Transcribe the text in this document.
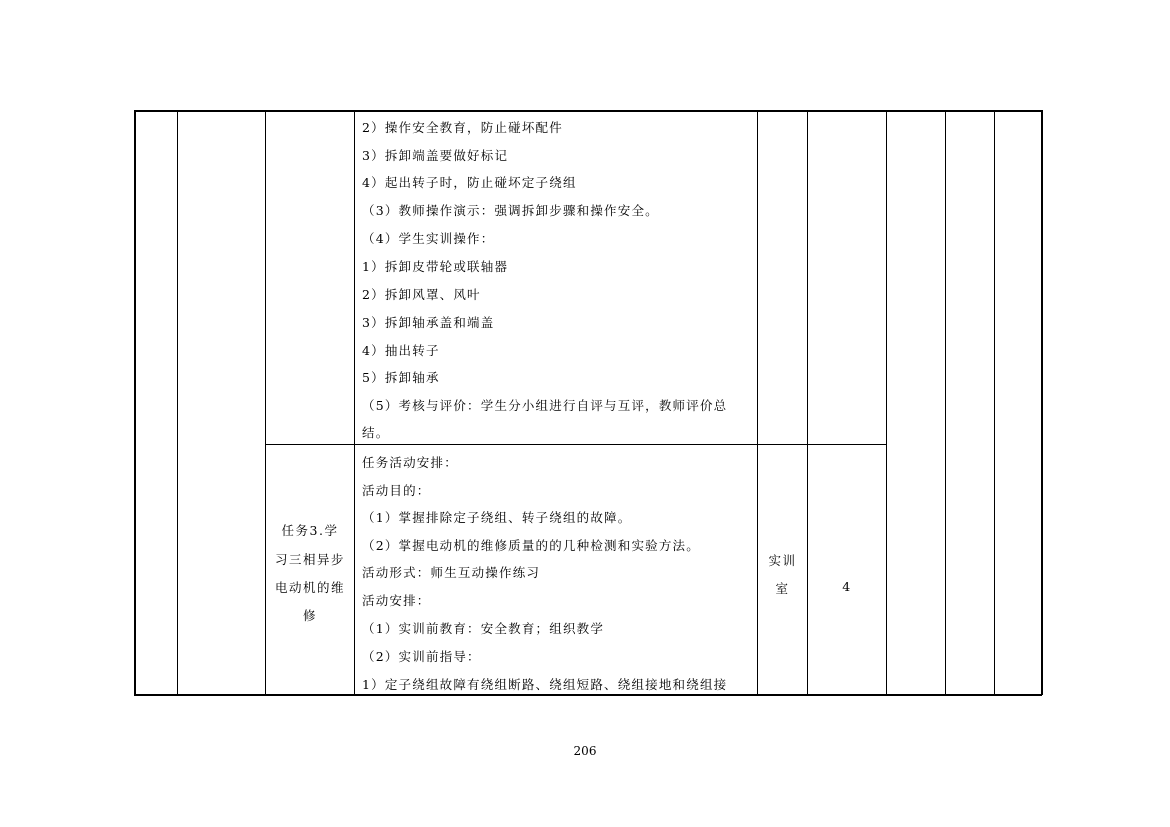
2）操作安全教育，防止碰坏配件
3）拆卸端盖要做好标记
4）起出转子时，防止碰坏定子绕组
（3）教师操作演示：强调拆卸步骤和操作安全。
（4）学生实训操作：
1）拆卸皮带轮或联轴器
2）拆卸风罩、风叶
3）拆卸轴承盖和端盖
4）抽出转子
5）拆卸轴承
（5）考核与评价：学生分小组进行自评与互评，教师评价总
结。
任务3.学
习三相异步
电动机的维
修
任务活动安排：
活动目的：
（1）掌握排除定子绕组、转子绕组的故障。
（2）掌握电动机的维修质量的的几种检测和实验方法。
活动形式：师生互动操作练习
活动安排：
（1）实训前教育：安全教育；组织教学
（2）实训前指导：
1）定子绕组故障有绕组断路、绕组短路、绕组接地和绕组接
实训
室	4
206
